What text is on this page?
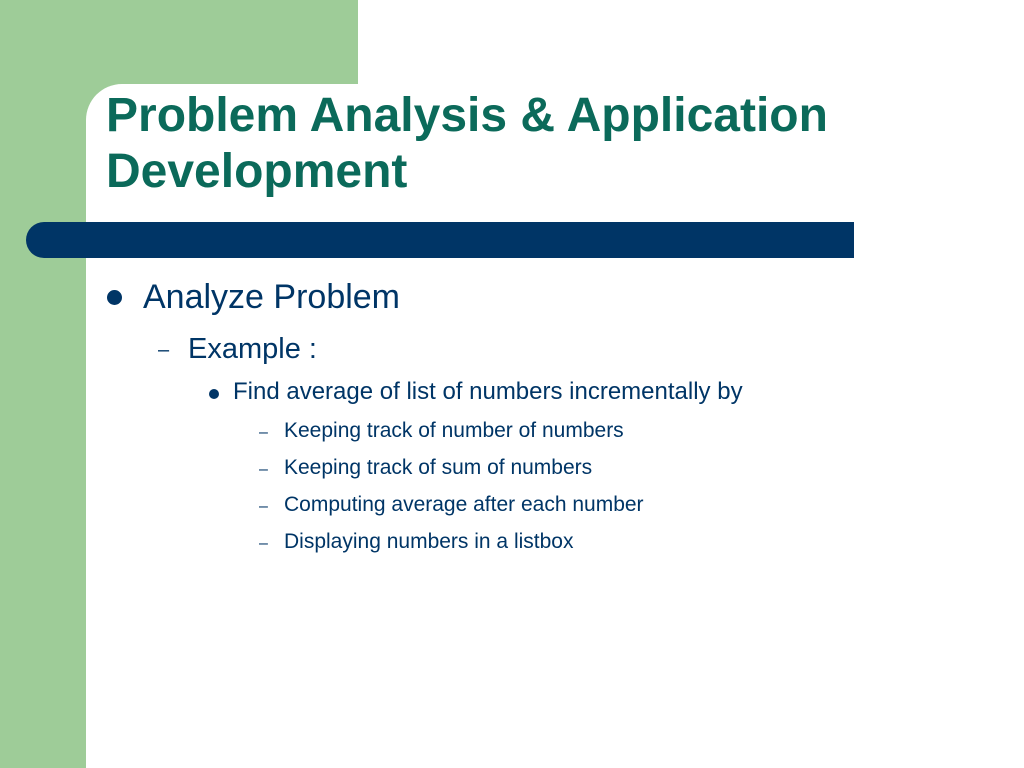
Problem Analysis & Application
Development
Analyze Problem
– Example :
Find average of list of numbers incrementally by
– Keeping track of number of numbers
– Keeping track of sum of numbers
– Computing average after each number
– Displaying numbers in a listbox
